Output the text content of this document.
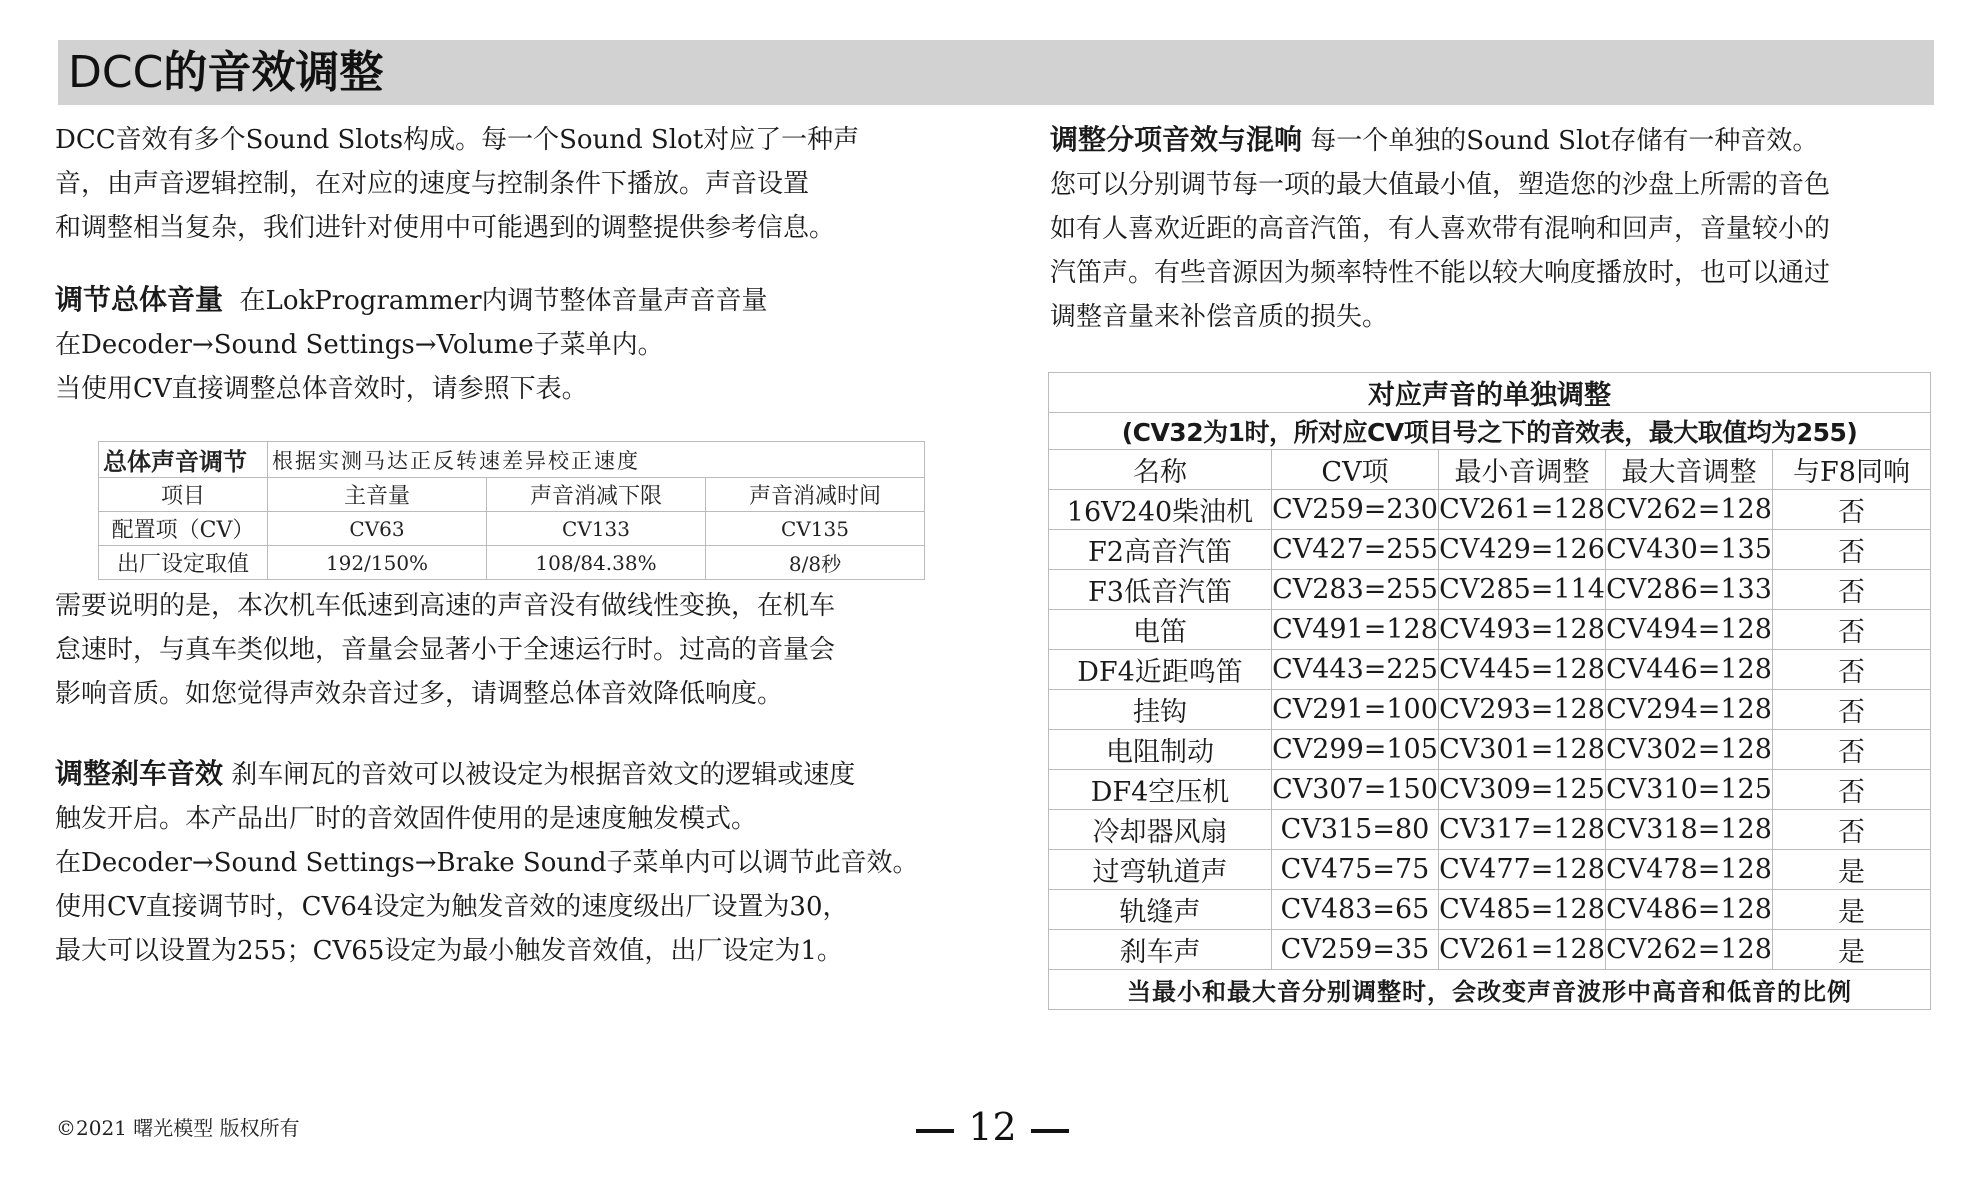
DCC的音效调整

DCC音效有多个Sound Slots构成。每一个Sound Slot对应了一种声

音，由声音逻辑控制，在对应的速度与控制条件下播放。声音设置

和调整相当复杂，我们进针对使用中可能遇到的调整提供参考信息。

调节总体音量 在LokProgrammer内调节整体音量声音音量

在Decoder→Sound Settings→Volume子菜单内。

当使用CV直接调整总体音效时，请参照下表。

需要说明的是，本次机车低速到高速的声音没有做线性变换，在机车

怠速时，与真车类似地，音量会显著小于全速运行时。过高的音量会

影响音质。如您觉得声效杂音过多，请调整总体音效降低响度。

调整刹车音效 刹车闸瓦的音效可以被设定为根据音效文的逻辑或速度

触发开启。本产品出厂时的音效固件使用的是速度触发模式。

在Decoder→Sound Settings→Brake Sound子菜单内可以调节此音效。

使用CV直接调节时，CV64设定为触发音效的速度级出厂设置为30，

最大可以设置为255；CV65设定为最小触发音效值，出厂设定为1。

总体声音调节	根据实测马达正反转速差异校正速度		
项目	主音量	声音消减下限	声音消减时间
配置项（CV）	CV63	CV133	CV135
出厂设定取值	192/150%	108/84.38%	8/8秒

调整分项音效与混响 每一个单独的Sound Slot存储有一种音效。

您可以分别调节每一项的最大值最小值，塑造您的沙盘上所需的音色

如有人喜欢近距的高音汽笛，有人喜欢带有混响和回声，音量较小的

汽笛声。有些音源因为频率特性不能以较大响度播放时，也可以通过

调整音量来补偿音质的损失。

对应声音的单独调整				
(CV32为1时，所对应CV项目号之下的音效表，最大取值均为255)				
名称	CV项	最小音调整	最大音调整	与F8同响
16V240柴油机	CV259=230	CV261=128	CV262=128	否
F2高音汽笛	CV427=255	CV429=126	CV430=135	否
F3低音汽笛	CV283=255	CV285=114	CV286=133	否
电笛	CV491=128	CV493=128	CV494=128	否
DF4近距鸣笛	CV443=225	CV445=128	CV446=128	否
挂钩	CV291=100	CV293=128	CV294=128	否
电阻制动	CV299=105	CV301=128	CV302=128	否
DF4空压机	CV307=150	CV309=125	CV310=125	否
冷却器风扇	CV315=80	CV317=128	CV318=128	否
过弯轨道声	CV475=75	CV477=128	CV478=128	是
轨缝声	CV483=65	CV485=128	CV486=128	是
刹车声	CV259=35	CV261=128	CV262=128	是
当最小和最大音分别调整时，会改变声音波形中高音和低音的比例				
©2021 曙光模型 版权所有	12
